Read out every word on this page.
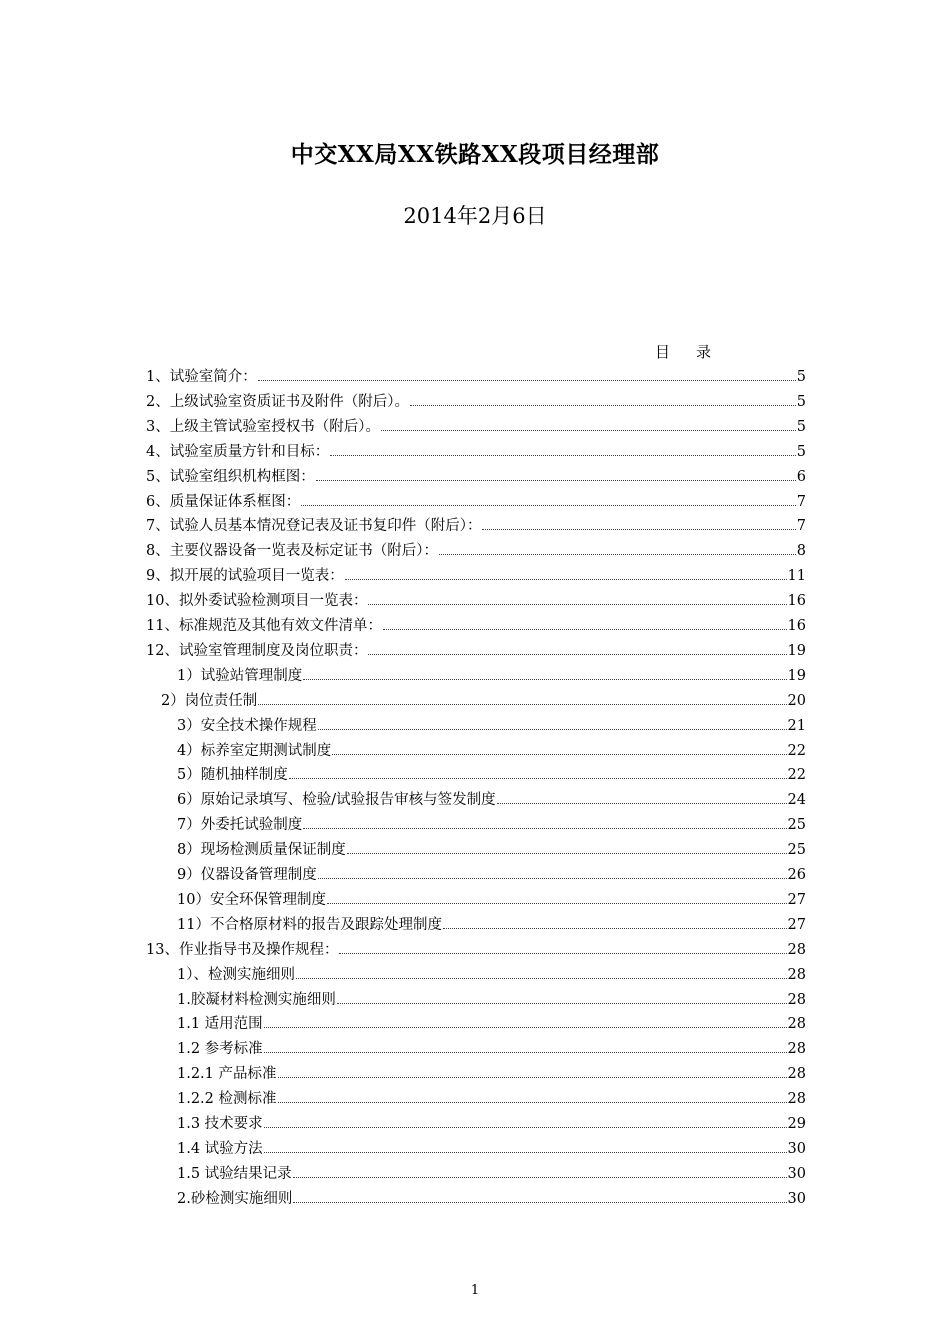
中交XX局XX铁路XX段项目经理部
2014年2月6日
目录
1、试验室简介：	5
2、上级试验室资质证书及附件（附后）。	5
3、上级主管试验室授权书（附后）。	5
4、试验室质量方针和目标：	5
5、试验室组织机构框图：	6
6、质量保证体系框图：	7
7、试验人员基本情况登记表及证书复印件（附后）：	7
8、主要仪器设备一览表及标定证书（附后）：	8
9、拟开展的试验项目一览表：	11
10、拟外委试验检测项目一览表：	16
11、标准规范及其他有效文件清单：	16
12、试验室管理制度及岗位职责：	19
1）试验站管理制度	19
2）岗位责任制	20
3）安全技术操作规程	21
4）标养室定期测试制度	22
5）随机抽样制度	22
6）原始记录填写、检验/试验报告审核与签发制度	24
7）外委托试验制度	25
8）现场检测质量保证制度	25
9）仪器设备管理制度	26
10）安全环保管理制度	27
11）不合格原材料的报告及跟踪处理制度	27
13、作业指导书及操作规程：	28
1）、检测实施细则	28
1.胶凝材料检测实施细则	28
1.1 适用范围	28
1.2 参考标准	28
1.2.1 产品标准	28
1.2.2 检测标准	28
1.3 技术要求	29
1.4 试验方法	30
1.5 试验结果记录	30
2.砂检测实施细则	30
1
